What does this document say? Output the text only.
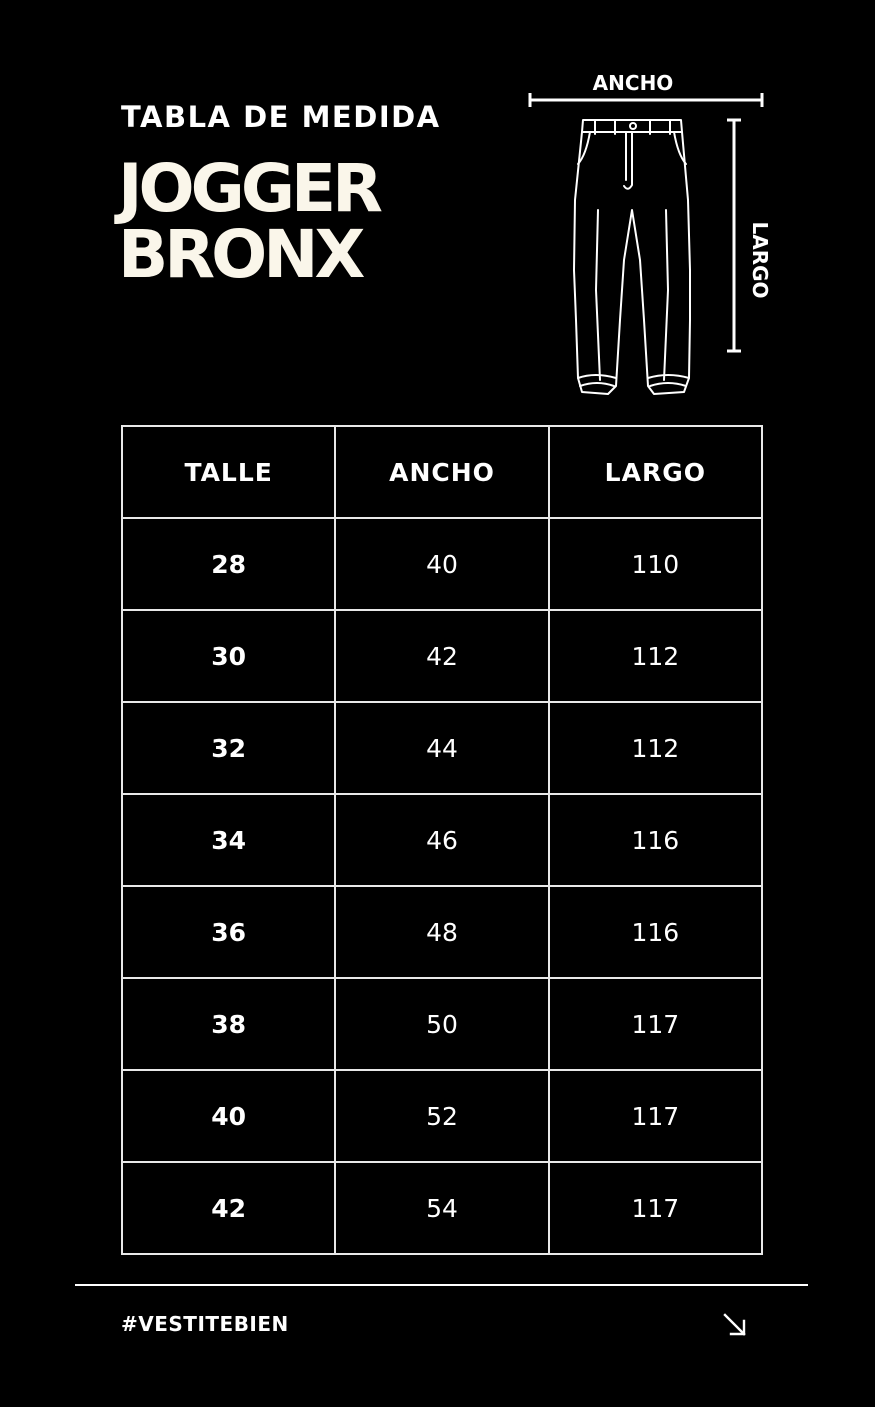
TABLA DE MEDIDA
JOGGER
BRONX
ANCHO
LARGO
TALLE	ANCHO	LARGO
28	40	110
30	42	112
32	44	112
34	46	116
36	48	116
38	50	117
40	52	117
42	54	117
#VESTITEBIEN
